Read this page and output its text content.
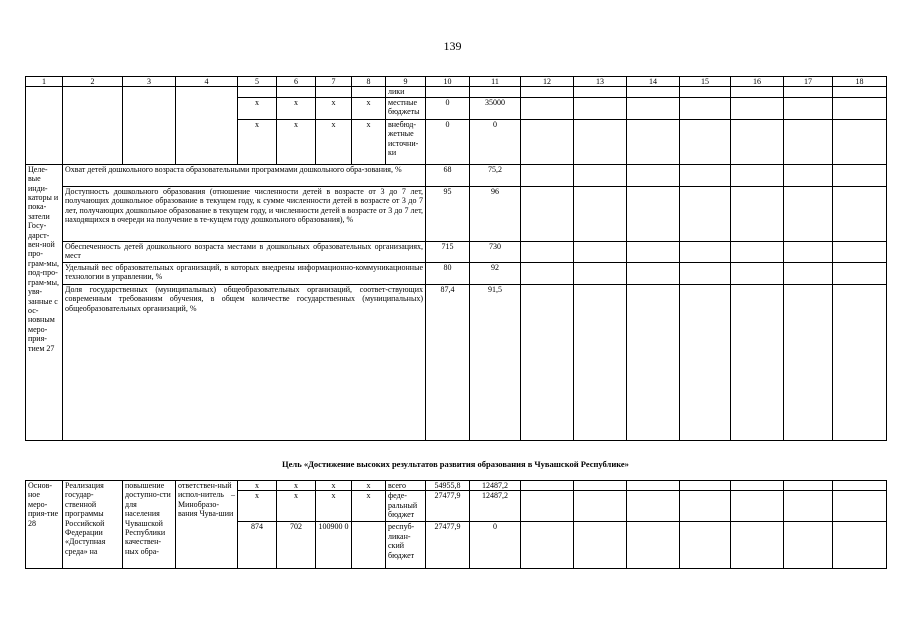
139
1	2	3	4	5	6	7	8	9	10	11	12	13	14	15	16	17	18
								лики									
				x	x	x	x	местные бюджеты	0	35000							
				x	x	x	x	внебюд-жетные источни-ки	0	0							
Целе-вые инди-каторы и пока-затели Госу-дарст-вен-ной про-грам-мы, под-про-грам-мы, увя-занные с ос-новным меро-прия-тием 27	Охват детей дошкольного возраста образовательными программами дошкольного обра-зования, %								68	75,2							
	Доступность дошкольного образования (отношение численности детей в возрасте от 3 до 7 лет, получающих дошкольное образование в текущем году, к сумме численности детей в возрасте от 3 до 7 лет, получающих дошкольное образование в текущем году, и численности детей в возрасте от 3 до 7 лет, находящихся в очереди на получение в те-кущем году дошкольного образования), %								95	96							
	Обеспеченность детей дошкольного возраста местами в дошкольных образовательных организациях, мест								715	730							
	Удельный вес образовательных организаций, в которых внедрены информационно-коммуникационные технологии в управлении, %								80	92							
	Доля государственных (муниципальных) общеобразовательных организаций, соответ-ствующих современным требованиям обучения, в общем количестве государственных (муниципальных) общеобразовательных организаций, %								87,4	91,5							
Цель «Достижение высоких результатов развития образования в Чувашской Республике»
Основ-ное меро-прия-тие 28	Реализация госудaр-ственной программы Российской Федерации «Доступная среда» на	повышение доступно-сти для населения Чувашской Республики качествен-ных обра-	ответствен-ный испол-нитель – Минобразо-вания Чува-шии	x	x	x	x	всего	54955,8	12487,2							
				x	x	x	x	феде-ральный бюджет	27477,9	12487,2							
				874	702	100900 0		респуб-ликан-ский бюджет	27477,9	0							
